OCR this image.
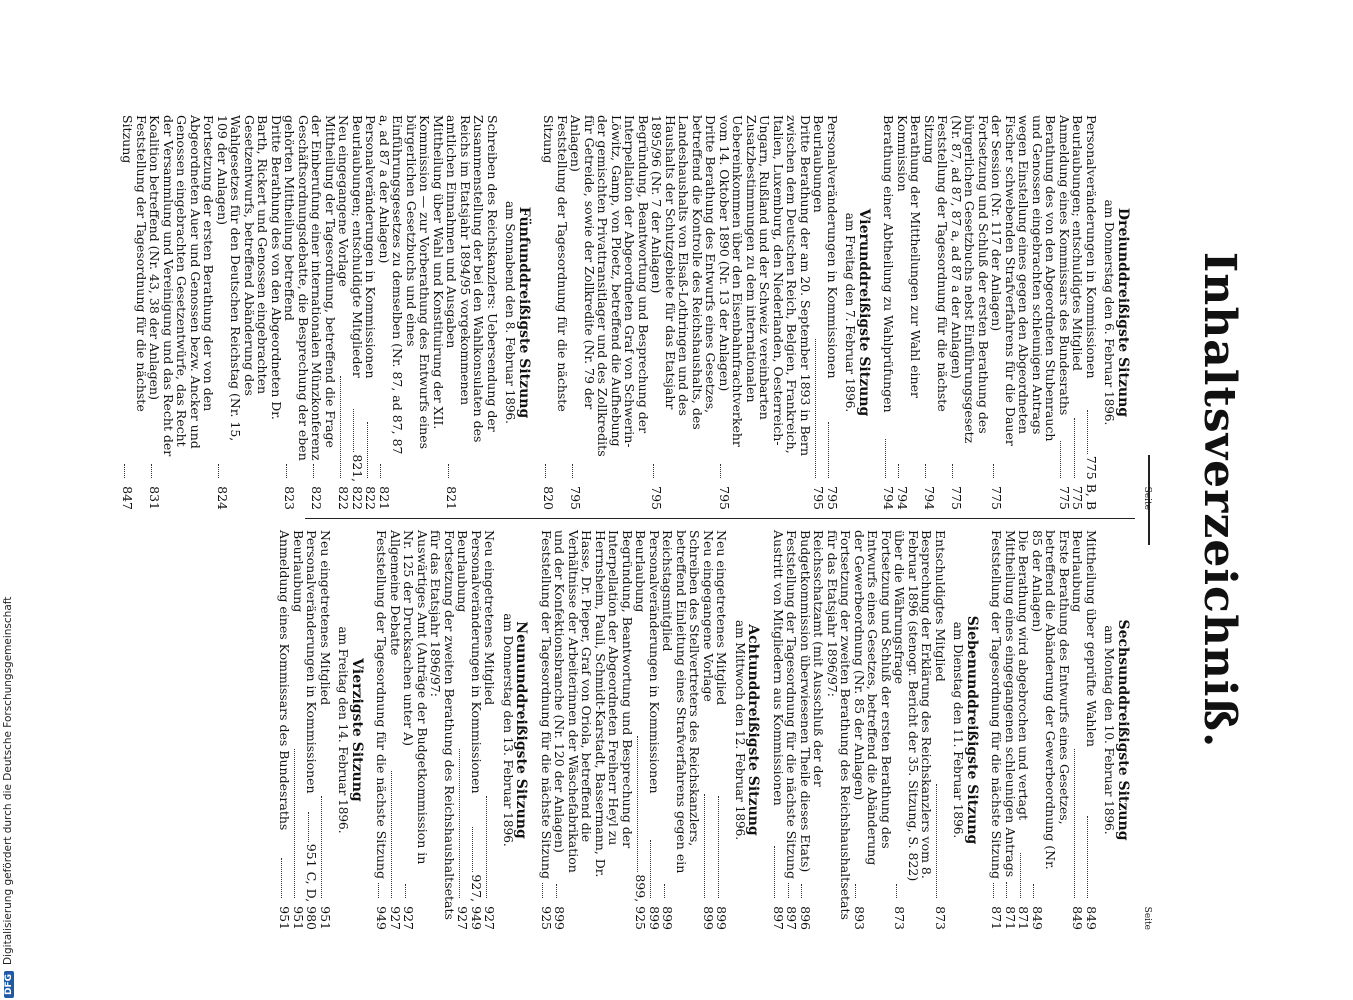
Inhaltsverzeichniß.
Seite
Dreiunddreißigste Sitzung
am Donnerstag den 6. Februar 1896.
Personalveränderungen in Kommissionen
775 B, B
Beurlaubungen; entschuldigtes Mitglied
775
Anmeldung eines Kommissars des Bundesraths
775
Berathung des von den Abgeordneten Stubenrauch und Genossen eingebrachten schleunigen Antrags wegen Einstellung eines gegen den Abgeordneten Fischer schwebenden Strafverfahrens für die Dauer der Session (Nr. 117 der Anlagen)
775
Fortsetzung und Schluß der ersten Berathung des bürgerlichen Gesetzbuchs nebst Einführungsgesetz (Nr. 87, ad 87, 87 a, ad 87 a der Anlagen)
775
Feststellung der Tagesordnung für die nächste Sitzung
794
Berathung der Mittheilungen zur Wahl einer Kommission
794
Berathung einer Abtheilung zu Wahlprüfungen
794
Vierunddreißigste Sitzung
am Freitag den 7. Februar 1896.
Personalveränderungen in Kommissionen
795
Beurlaubungen
795
Dritte Berathung der am 20. September 1893 in Bern zwischen dem Deutschen Reich, Belgien, Frankreich, Italien, Luxemburg, den Niederlanden, Oesterreich-Ungarn, Rußland und der Schweiz vereinbarten Zusatzbestimmungen zu dem internationalen Uebereinkommen über den Eisenbahnfrachtverkehr vom 14. Oktober 1890 (Nr. 13 der Anlagen)
795
Dritte Berathung des Entwurfs eines Gesetzes, betreffend die Kontrolle des Reichshaushalts, des Landeshaushalts von Elsaß-Lothringen und des Haushalts der Schutzgebiete für das Etatsjahr 1895/96 (Nr. 7 der Anlagen)
795
Begründung, Beantwortung und Besprechung der Interpellation der Abgeordneten Graf von Schwerin-Löwitz, Gamp, von Ploetz, betreffend die Aufhebung der gemischten Privattransitlager und des Zollkredits für Getreide, sowie der Zollkredite (Nr. 79 der Anlagen)
795
Feststellung der Tagesordnung für die nächste Sitzung
820
Fünfunddreißigste Sitzung
am Sonnabend den 8. Februar 1896.
Schreiben des Reichskanzlers: Uebersendung der Zusammenstellung der bei den Wahlkonsulaten des Reichs im Etatsjahr 1894/95 vorgekommenen amtlichen Einnahmen und Ausgaben
821
Mittheilung über Wahl und Konstituirung der XII. Kommission — zur Vorberathung des Entwurfs eines bürgerlichen Gesetzbuchs und eines Einführungsgesetzes zu demselben (Nr. 87, ad 87, 87 a, ad 87 a der Anlagen)
821
Personalveränderungen in Kommissionen
822
Beurlaubungen; entschuldigte Mitglieder
821, 822
Neu eingegangene Vorlage
822
Mittheilung der Tagesordnung, betreffend die Frage der Einberufung einer internationalen Münzkonferenz
822
Geschäftsordnungsdebatte, die Besprechung der eben gehörten Mittheilung betreffend
823
Dritte Berathung des von den Abgeordneten Dr. Barth, Rickert und Genossen eingebrachten Gesetzentwurfs, betreffend Abänderung des Wahlgesetzes für den Deutschen Reichstag (Nr. 15, 109 der Anlagen)
824
Fortsetzung der ersten Berathung der von den Abgeordneten Auer und Genossen bezw. Ancker und Genossen eingebrachten Gesetzentwürfe, das Recht der Versammlung und Vereinigung und das Recht der Koalition betreffend (Nr. 43, 38 der Anlagen)
831
Feststellung der Tagesordnung für die nächste Sitzung
847
Seite
Sechsunddreißigste Sitzung
am Montag den 10. Februar 1896.
Mittheilung über geprüfte Wahlen
849
Beurlaubung
849
Erste Berathung des Entwurfs eines Gesetzes, betreffend die Abänderung der Gewerbeordnung (Nr. 85 der Anlagen)
849
Die Berathung wird abgebrochen und vertagt
871
Mittheilung eines eingegangenen schleunigen Antrags
871
Feststellung der Tagesordnung für die nächste Sitzung
871
Siebenunddreißigste Sitzung
am Dienstag den 11. Februar 1896.
Entschuldigtes Mitglied
873
Besprechung der Erklärung des Reichskanzlers vom 8. Februar 1896 (stenogr. Bericht der 35. Sitzung, S. 822) über die Währungsfrage
873
Fortsetzung und Schluß der ersten Berathung des Entwurfs eines Gesetzes, betreffend die Abänderung der Gewerbeordnung (Nr. 85 der Anlagen)
893
Fortsetzung der zweiten Berathung des Reichshaushaltsetats für das Etatsjahr 1896/97:
Reichsschatzamt (mit Ausschluß der der Budgetkommission überwiesenen Theile dieses Etats)
896
Feststellung der Tagesordnung für die nächste Sitzung
897
Austritt von Mitgliedern aus Kommissionen
897
Achtunddreißigste Sitzung
am Mittwoch den 12. Februar 1896.
Neu eingetretenes Mitglied
899
Neu eingegangene Vorlage
899
Schreiben des Stellvertreters des Reichskanzlers, betreffend Einleitung eines Strafverfahrens gegen ein Reichstagsmitglied
899
Personalveränderungen in Kommissionen
899
Beurlaubung
899, 925
Begründung, Beantwortung und Besprechung der Interpellation der Abgeordneten Freiherr Heyl zu Herrnsheim, Pauli, Schmidt-Karstadt, Bassermann, Dr. Hasse, Dr. Pieper, Graf von Oriola, betreffend die Verhältnisse der Arbeiterinnen der Wäschefabrikation und der Konfektionsbranche (Nr. 120 der Anlagen)
899
Feststellung der Tagesordnung für die nächste Sitzung
925
Neununddreißigste Sitzung
am Donnerstag den 13. Februar 1896.
Neu eingetretenes Mitglied
927
Personalveränderungen in Kommissionen
927, 949
Beurlaubung
927
Fortsetzung der zweiten Berathung des Reichshaushaltsetats für das Etatsjahr 1896/97:
Auswärtiges Amt (Anträge der Budgetkommission in Nr. 125 der Drucksachen unter A)
927
Allgemeine Debatte
927
Feststellung der Tagesordnung für die nächste Sitzung
949
Vierzigste Sitzung
am Freitag den 14. Februar 1896.
Neu eingetretenes Mitglied
951
Personalveränderungen in Kommissionen
951 C, D, 980
Beurlaubung
951
Anmeldung eines Kommissars des Bundesraths
951
DFGDigitalisierung gefördert durch die Deutsche Forschungsgemeinschaft
